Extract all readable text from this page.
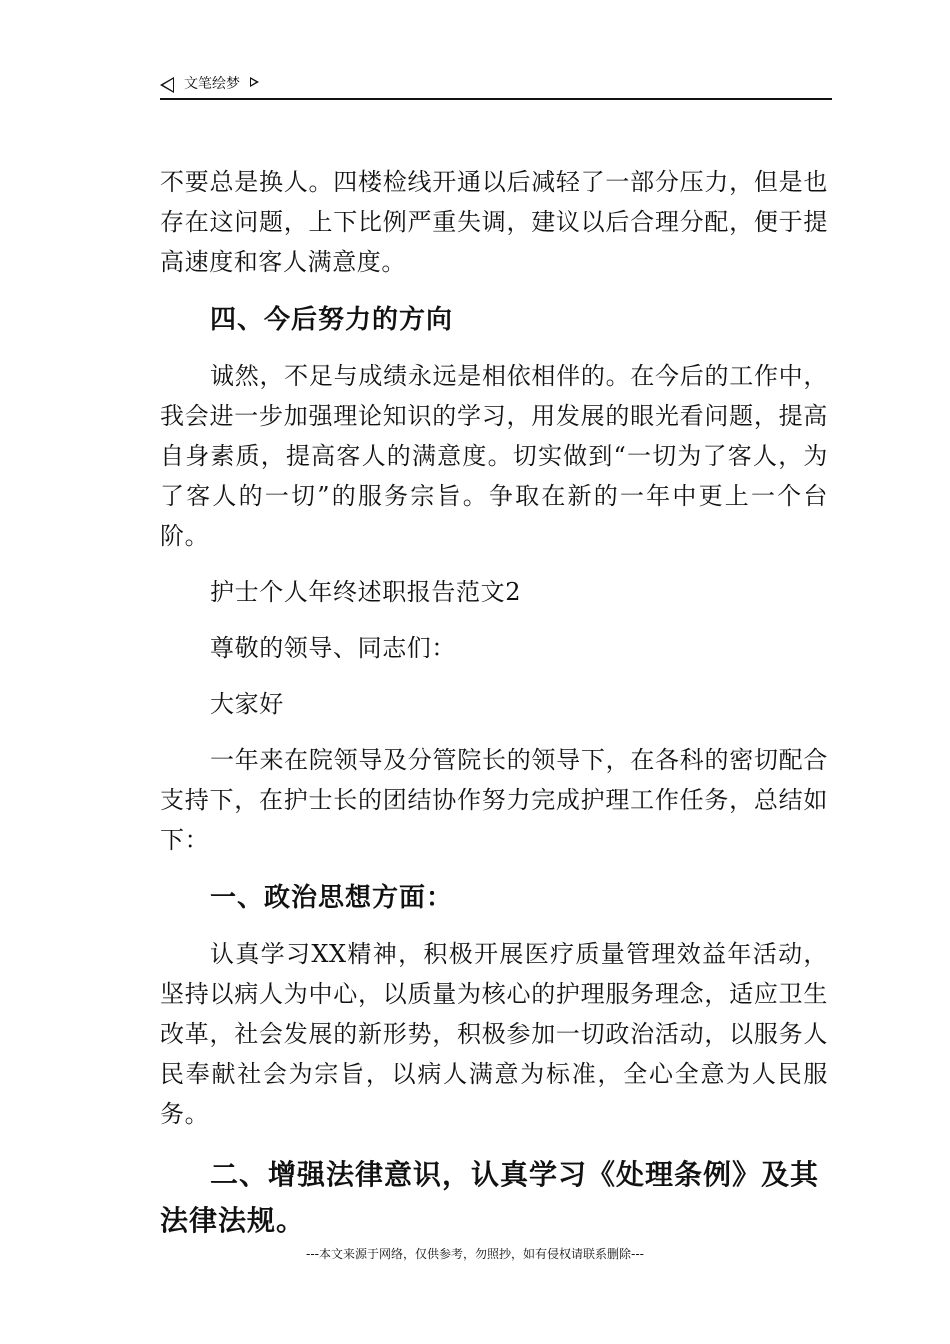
文笔绘梦

不要总是换人。四楼检线开通以后减轻了一部分压力，但是也存在这问题，上下比例严重失调，建议以后合理分配，便于提高速度和客人满意度。

四、今后努力的方向

诚然，不足与成绩永远是相依相伴的。在今后的工作中，我会进一步加强理论知识的学习，用发展的眼光看问题，提高自身素质，提高客人的满意度。切实做到“一切为了客人，为了客人的一切”的服务宗旨。争取在新的一年中更上一个台阶。

护士个人年终述职报告范文2

尊敬的领导、同志们：

大家好

一年来在院领导及分管院长的领导下，在各科的密切配合支持下，在护士长的团结协作努力完成护理工作任务，总结如下：

一、政治思想方面：

认真学习XX精神，积极开展医疗质量管理效益年活动，坚持以病人为中心，以质量为核心的护理服务理念，适应卫生改革，社会发展的新形势，积极参加一切政治活动，以服务人民奉献社会为宗旨，以病人满意为标准，全心全意为人民服务。

二、增强法律意识，认真学习《处理条例》及其法律法规。
---本文来源于网络，仅供参考，勿照抄，如有侵权请联系删除---
